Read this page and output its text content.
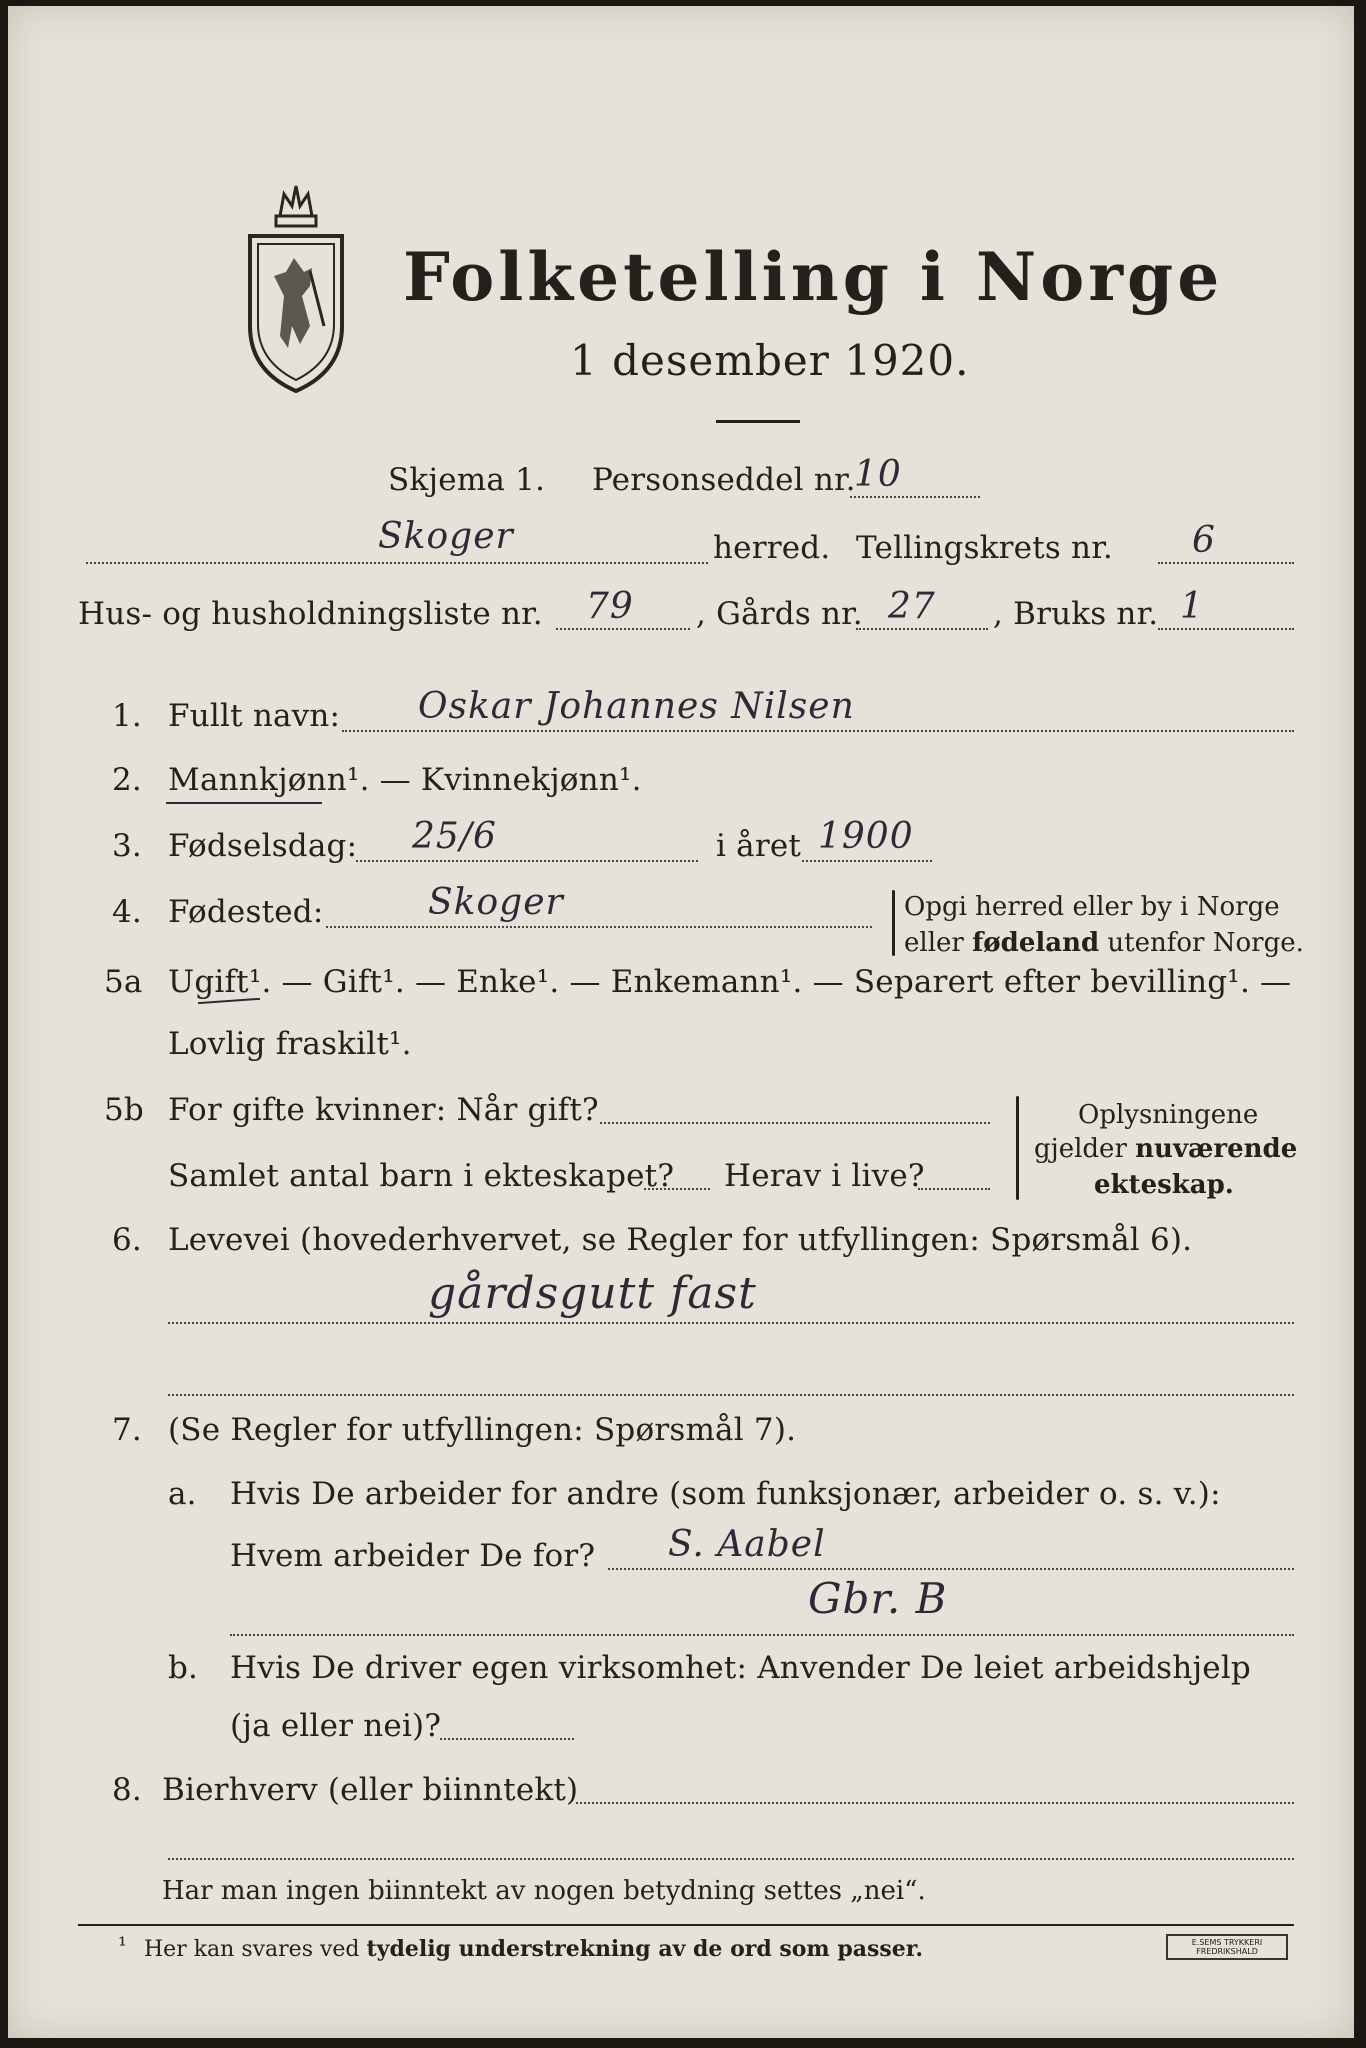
Folketelling i Norge
1 desember 1920.
Skjema 1. Personseddel nr.
10
Skoger	herred. Tellingskrets nr. 6
Hus- og husholdningsliste nr. 79 , Gårds nr. 27 , Bruks nr. 1
1. Fullt navn: Oskar Johannes Nilsen
2. Mannkjønn¹. — Kvinnekjønn¹.
3. Fødselsdag: 25/6	i året 1900
4. Fødested:	Skoger	Opgi herred eller by i Norge
eller fødeland utenfor Norge.
5a Ugift¹. — Gift¹. — Enke¹. — Enkemann¹. — Separert efter bevilling¹. —
Lovlig fraskilt¹.
5b For gifte kvinner: Når gift?
Samlet antal barn i ekteskapet? Herav i live?
Oplysningene
gjelder nuværende
ekteskap.
6. Levevei (hovederhvervet, se Regler for utfyllingen: Spørsmål 6).
gårdsgutt fast
7. (Se Regler for utfyllingen: Spørsmål 7).
a. Hvis De arbeider for andre (som funksjonær, arbeider o. s. v.):
Hvem arbeider De for? S. Aabel
Gbr. B
b. Hvis De driver egen virksomhet: Anvender De leiet arbeidshjelp
(ja eller nei)?
8. Bierhverv (eller biinntekt)
Har man ingen biinntekt av nogen betydning settes „nei“.
¹ Her kan svares ved tydelig understrekning av de ord som passer.	E.SEMS TRYKKERI FREDRIKSHALD
